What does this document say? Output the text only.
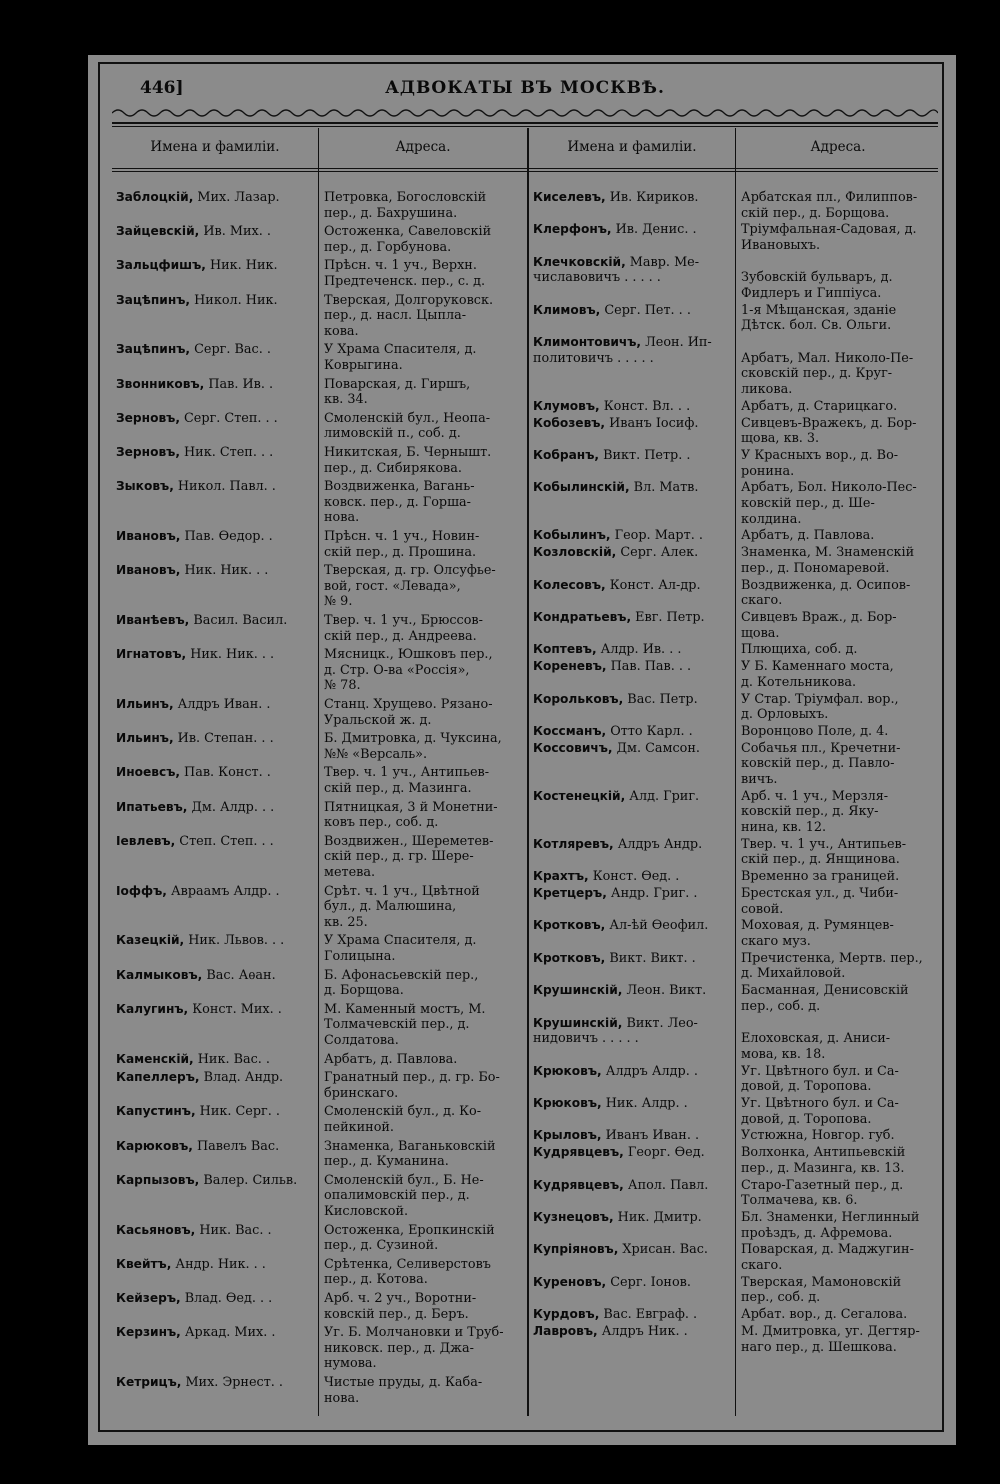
446]	АДВОКАТЫ ВЪ МОСКВѢ.
Имена и фамиліи.	Адреса.	Имена и фамиліи.	Адреса.
Заблоцкій, Мих. Лазар.	Петровка, Богословскій
пер., д. Бахрушина.
Зайцевскій, Ив. Мих. .	Остоженка, Савеловскій
пер., д. Горбунова.
Зальцфишъ, Ник. Ник.	Прѣсн. ч. 1 уч., Верхн.
Предтеченск. пер., с. д.
Зацѣпинъ, Никол. Ник.	Тверская, Долгоруковск.
пер., д. насл. Цыпла-
кова.
Зацѣпинъ, Серг. Вас. .	У Храма Спасителя, д.
Коврыгина.
Звонниковъ, Пав. Ив. .	Поварская, д. Гиршъ,
кв. 34.
Зерновъ, Серг. Степ. . .	Смоленскій бул., Неопа-
лимовскій п., соб. д.
Зерновъ, Ник. Степ. . .	Никитская, Б. Чернышт.
пер., д. Сибирякова.
Зыковъ, Никол. Павл. .	Воздвиженка, Вагань-
ковск. пер., д. Горша-
нова.
Ивановъ, Пав. Ѳедор. .	Прѣсн. ч. 1 уч., Новин-
скій пер., д. Прошина.
Ивановъ, Ник. Ник. . .	Тверская, д. гр. Олсуфье-
вой, гост. «Левада»,
№ 9.
Иванѣевъ, Васил. Васил.	Твер. ч. 1 уч., Брюссов-
скій пер., д. Андреева.
Игнатовъ, Ник. Ник. . .	Мясницк., Юшковъ пер.,
д. Стр. О-ва «Россія»,
№ 78.
Ильинъ, Алдръ Иван. .	Станц. Хрущево. Рязано-
Уральской ж. д.
Ильинъ, Ив. Степан. . .	Б. Дмитровка, д. Чуксина,
№№ «Версаль».
Иноевсъ, Пав. Конст. .	Твер. ч. 1 уч., Антипьев-
скій пер., д. Мазинга.
Ипатьевъ, Дм. Алдр. . .	Пятницкая, 3 й Монетни-
ковъ пер., соб. д.
Іевлевъ, Степ. Степ. . .	Воздвижен., Шереметев-
скій пер., д. гр. Шере-
метева.
Іоффъ, Авраамъ Алдр. .	Срѣт. ч. 1 уч., Цвѣтной
бул., д. Малюшина,
кв. 25.
Казецкій, Ник. Львов. . .	У Храма Спасителя, д.
Голицына.
Калмыковъ, Вас. Аѳан.	Б. Афонасьевскій пер.,
д. Борщова.
Калугинъ, Конст. Мих. .	М. Каменный мостъ, М.
Толмачевскій пер., д.
Солдатова.
Каменскій, Ник. Вас. .	Арбатъ, д. Павлова.
Капеллеръ, Влад. Андр.	Гранатный пер., д. гр. Бо-
бринскаго.
Капустинъ, Ник. Серг. .	Смоленскій бул., д. Ко-
пейкиной.
Карюковъ, Павелъ Вас.	Знаменка, Ваганьковскій
пер., д. Куманина.
Карпызовъ, Валер. Сильв.	Смоленскій бул., Б. Не-
опалимовскій пер., д.
Кисловской.
Касьяновъ, Ник. Вас. .	Остоженка, Еропкинскій
пер., д. Сузиной.
Квейтъ, Андр. Ник. . .	Срѣтенка, Селиверстовъ
пер., д. Котова.
Кейзеръ, Влад. Ѳед. . .	Арб. ч. 2 уч., Воротни-
ковскій пер., д. Беръ.
Керзинъ, Аркад. Мих. .	Уг. Б. Молчановки и Труб-
никовск. пер., д. Джа-
нумова.
Кетрицъ, Мих. Эрнест. .	Чистые пруды, д. Каба-
нова.
Киселевъ, Ив. Кириков.	Арбатская пл., Филиппов-
скій пер., д. Борщова.
Клерфонъ, Ив. Денис. .	Тріумфальная-Садовая, д.
Ивановыхъ.
Клечковскій, Мавр. Ме-
числавовичъ . . . . .	Зубовскій бульваръ, д.
Фидлеръ и Гиппіуса.
Климовъ, Серг. Пет. . .	1-я Мѣщанская, зданіе
Дѣтск. бол. Св. Ольги.
Климонтовичъ, Леон. Ип-
политовичъ . . . . .	Арбатъ, Мал. Николо-Пе-
сковскій пер., д. Круг-
ликова.
Клумовъ, Конст. Вл. . .	Арбатъ, д. Старицкаго.
Кобозевъ, Иванъ Іосиф.	Сивцевъ-Вражекъ, д. Бор-
щова, кв. 3.
Кобранъ, Викт. Петр. .	У Красныхъ вор., д. Во-
ронина.
Кобылинскій, Вл. Матв.	Арбатъ, Бол. Николо-Пес-
ковскій пер., д. Ше-
колдина.
Кобылинъ, Геор. Март. .	Арбатъ, д. Павлова.
Козловскій, Серг. Алек.	Знаменка, М. Знаменскій
пер., д. Пономаревой.
Колесовъ, Конст. Ал-др.	Воздвиженка, д. Осипов-
скаго.
Кондратьевъ, Евг. Петр.	Сивцевъ Враж., д. Бор-
щова.
Коптевъ, Алдр. Ив. . .	Плющиха, соб. д.
Кореневъ, Пав. Пав. . .	У Б. Каменнаго моста,
д. Котельникова.
Корольковъ, Вас. Петр.	У Стар. Тріумфал. вор.,
д. Орловыхъ.
Коссманъ, Отто Карл. .	Воронцово Поле, д. 4.
Коссовичъ, Дм. Самсон.	Собачья пл., Кречетни-
ковскій пер., д. Павло-
вичъ.
Костенецкій, Алд. Григ.	Арб. ч. 1 уч., Мерзля-
ковскій пер., д. Яку-
нина, кв. 12.
Котляревъ, Алдръ Андр.	Твер. ч. 1 уч., Антипьев-
скій пер., д. Янщинова.
Крахтъ, Конст. Ѳед. .	Временно за границей.
Кретцеръ, Андр. Григ. .	Брестская ул., д. Чиби-
совой.
Кротковъ, Ал-ѣй Ѳеофил.	Моховая, д. Румянцев-
скаго муз.
Кротковъ, Викт. Викт. .	Пречистенка, Мертв. пер.,
д. Михайловой.
Крушинскій, Леон. Викт.	Басманная, Денисовскій
пер., соб. д.
Крушинскій, Викт. Лео-
нидовичъ . . . . .	Елоховская, д. Аниси-
мова, кв. 18.
Крюковъ, Алдръ Алдр. .	Уг. Цвѣтного бул. и Са-
довой, д. Торопова.
Крюковъ, Ник. Алдр. .	Уг. Цвѣтного бул. и Са-
довой, д. Торопова.
Крыловъ, Иванъ Иван. .	Устюжна, Новгор. губ.
Кудрявцевъ, Георг. Ѳед.	Волхонка, Антипьевскій
пер., д. Мазинга, кв. 13.
Кудрявцевъ, Апол. Павл.	Старо-Газетный пер., д.
Толмачева, кв. 6.
Кузнецовъ, Ник. Дмитр.	Бл. Знаменки, Неглинный
проѣздъ, д. Афремова.
Купріяновъ, Хрисан. Вас.	Поварская, д. Маджугин-
скаго.
Куреновъ, Серг. Іонов.	Тверская, Мамоновскій
пер., соб. д.
Курдовъ, Вас. Евграф. .	Арбат. вор., д. Сегалова.
Лавровъ, Алдръ Ник. .	М. Дмитровка, уг. Дегтяр-
наго пер., д. Шешкова.
